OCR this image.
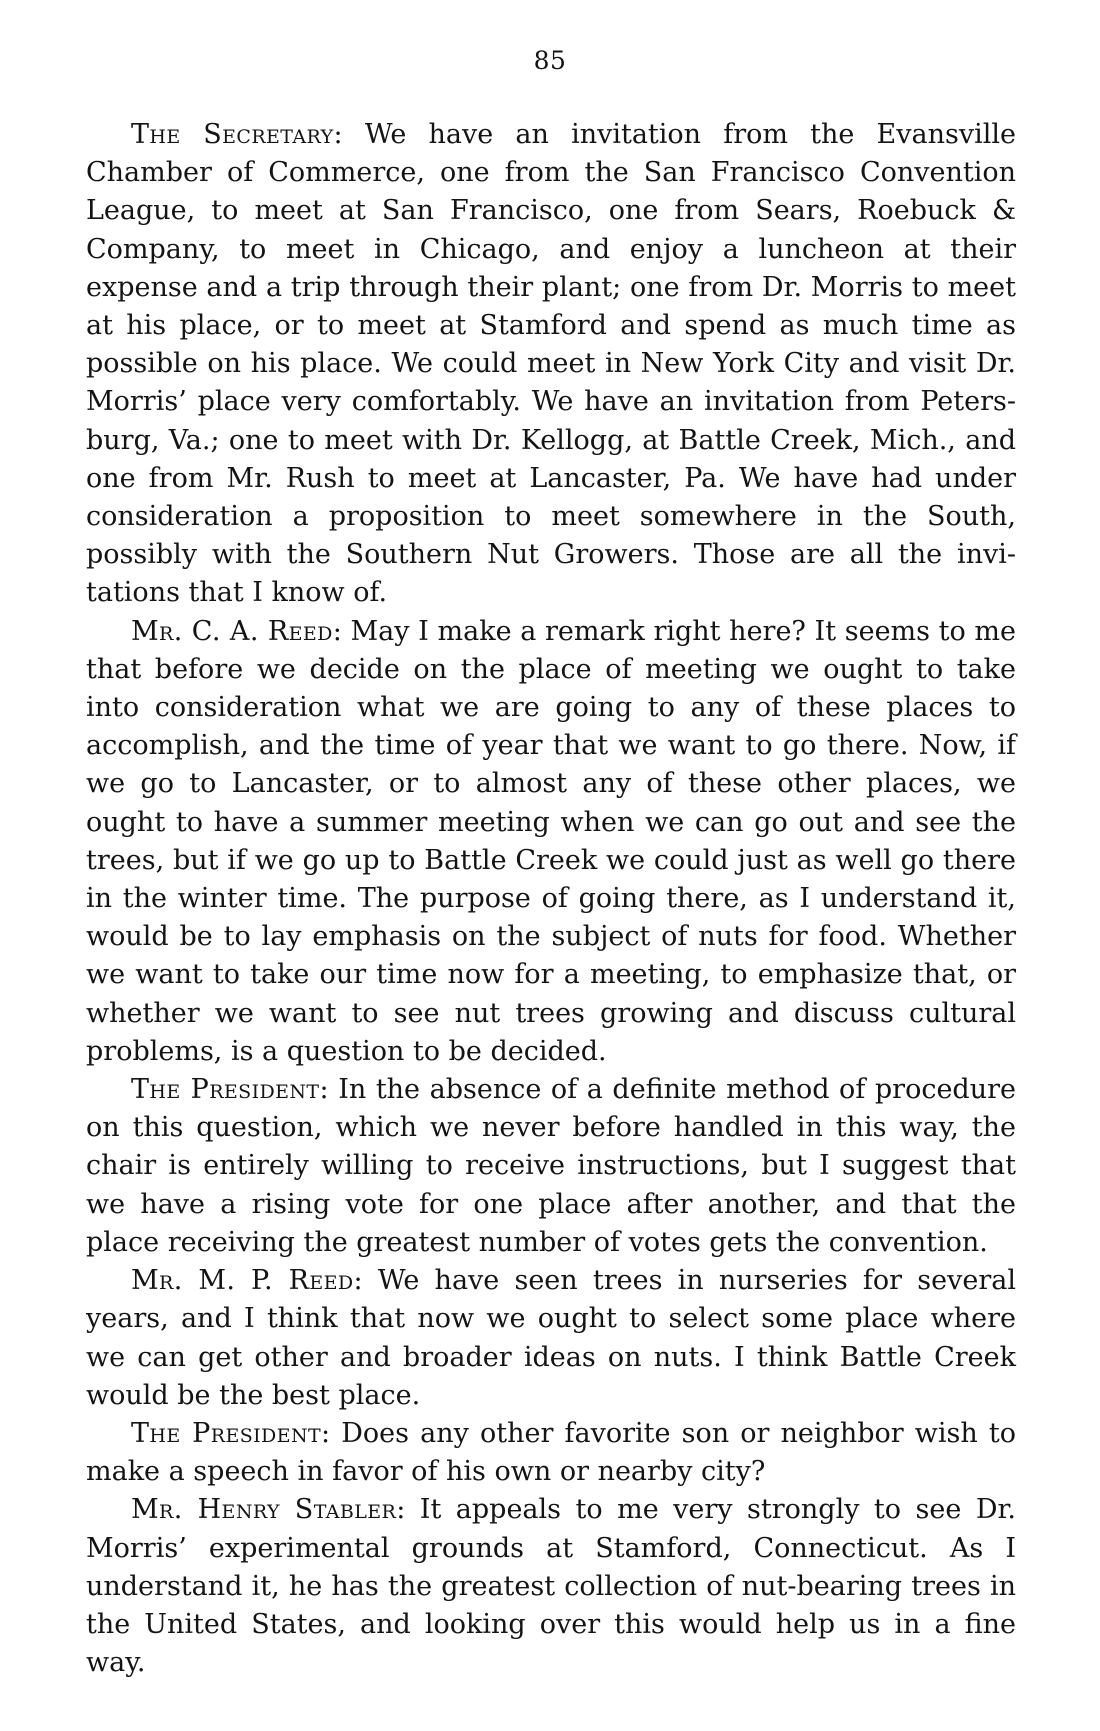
85

The Secretary: We have an invitation from the Evansville Chamber of Commerce, one from the San Francisco Convention League, to meet at San Francisco, one from Sears, Roebuck & Company, to meet in Chicago, and enjoy a luncheon at their expense and a trip through their plant; one from Dr. Morris to meet at his place, or to meet at Stamford and spend as much time as possible on his place. We could meet in New York City and visit Dr. Morris’ place very comfortably. We have an invitation from Petersburg, Va.; one to meet with Dr. Kellogg, at Battle Creek, Mich., and one from Mr. Rush to meet at Lancaster, Pa. We have had under consideration a proposition to meet somewhere in the South, possibly with the Southern Nut Growers. Those are all the invitations that I know of.

Mr. C. A. Reed: May I make a remark right here? It seems to me that before we decide on the place of meeting we ought to take into consideration what we are going to any of these places to accomplish, and the time of year that we want to go there. Now, if we go to Lancaster, or to almost any of these other places, we ought to have a summer meeting when we can go out and see the trees, but if we go up to Battle Creek we could just as well go there in the winter time. The purpose of going there, as I understand it, would be to lay emphasis on the subject of nuts for food. Whether we want to take our time now for a meeting, to emphasize that, or whether we want to see nut trees growing and discuss cultural problems, is a question to be decided.

The President: In the absence of a definite method of procedure on this question, which we never before handled in this way, the chair is entirely willing to receive instructions, but I suggest that we have a rising vote for one place after another, and that the place receiving the greatest number of votes gets the convention.

Mr. M. P. Reed: We have seen trees in nurseries for several years, and I think that now we ought to select some place where we can get other and broader ideas on nuts. I think Battle Creek would be the best place.

The President: Does any other favorite son or neighbor wish to make a speech in favor of his own or nearby city?

Mr. Henry Stabler: It appeals to me very strongly to see Dr. Morris’ experimental grounds at Stamford, Connecticut. As I understand it, he has the greatest collection of nut-bearing trees in the United States, and looking over this would help us in a fine way.
